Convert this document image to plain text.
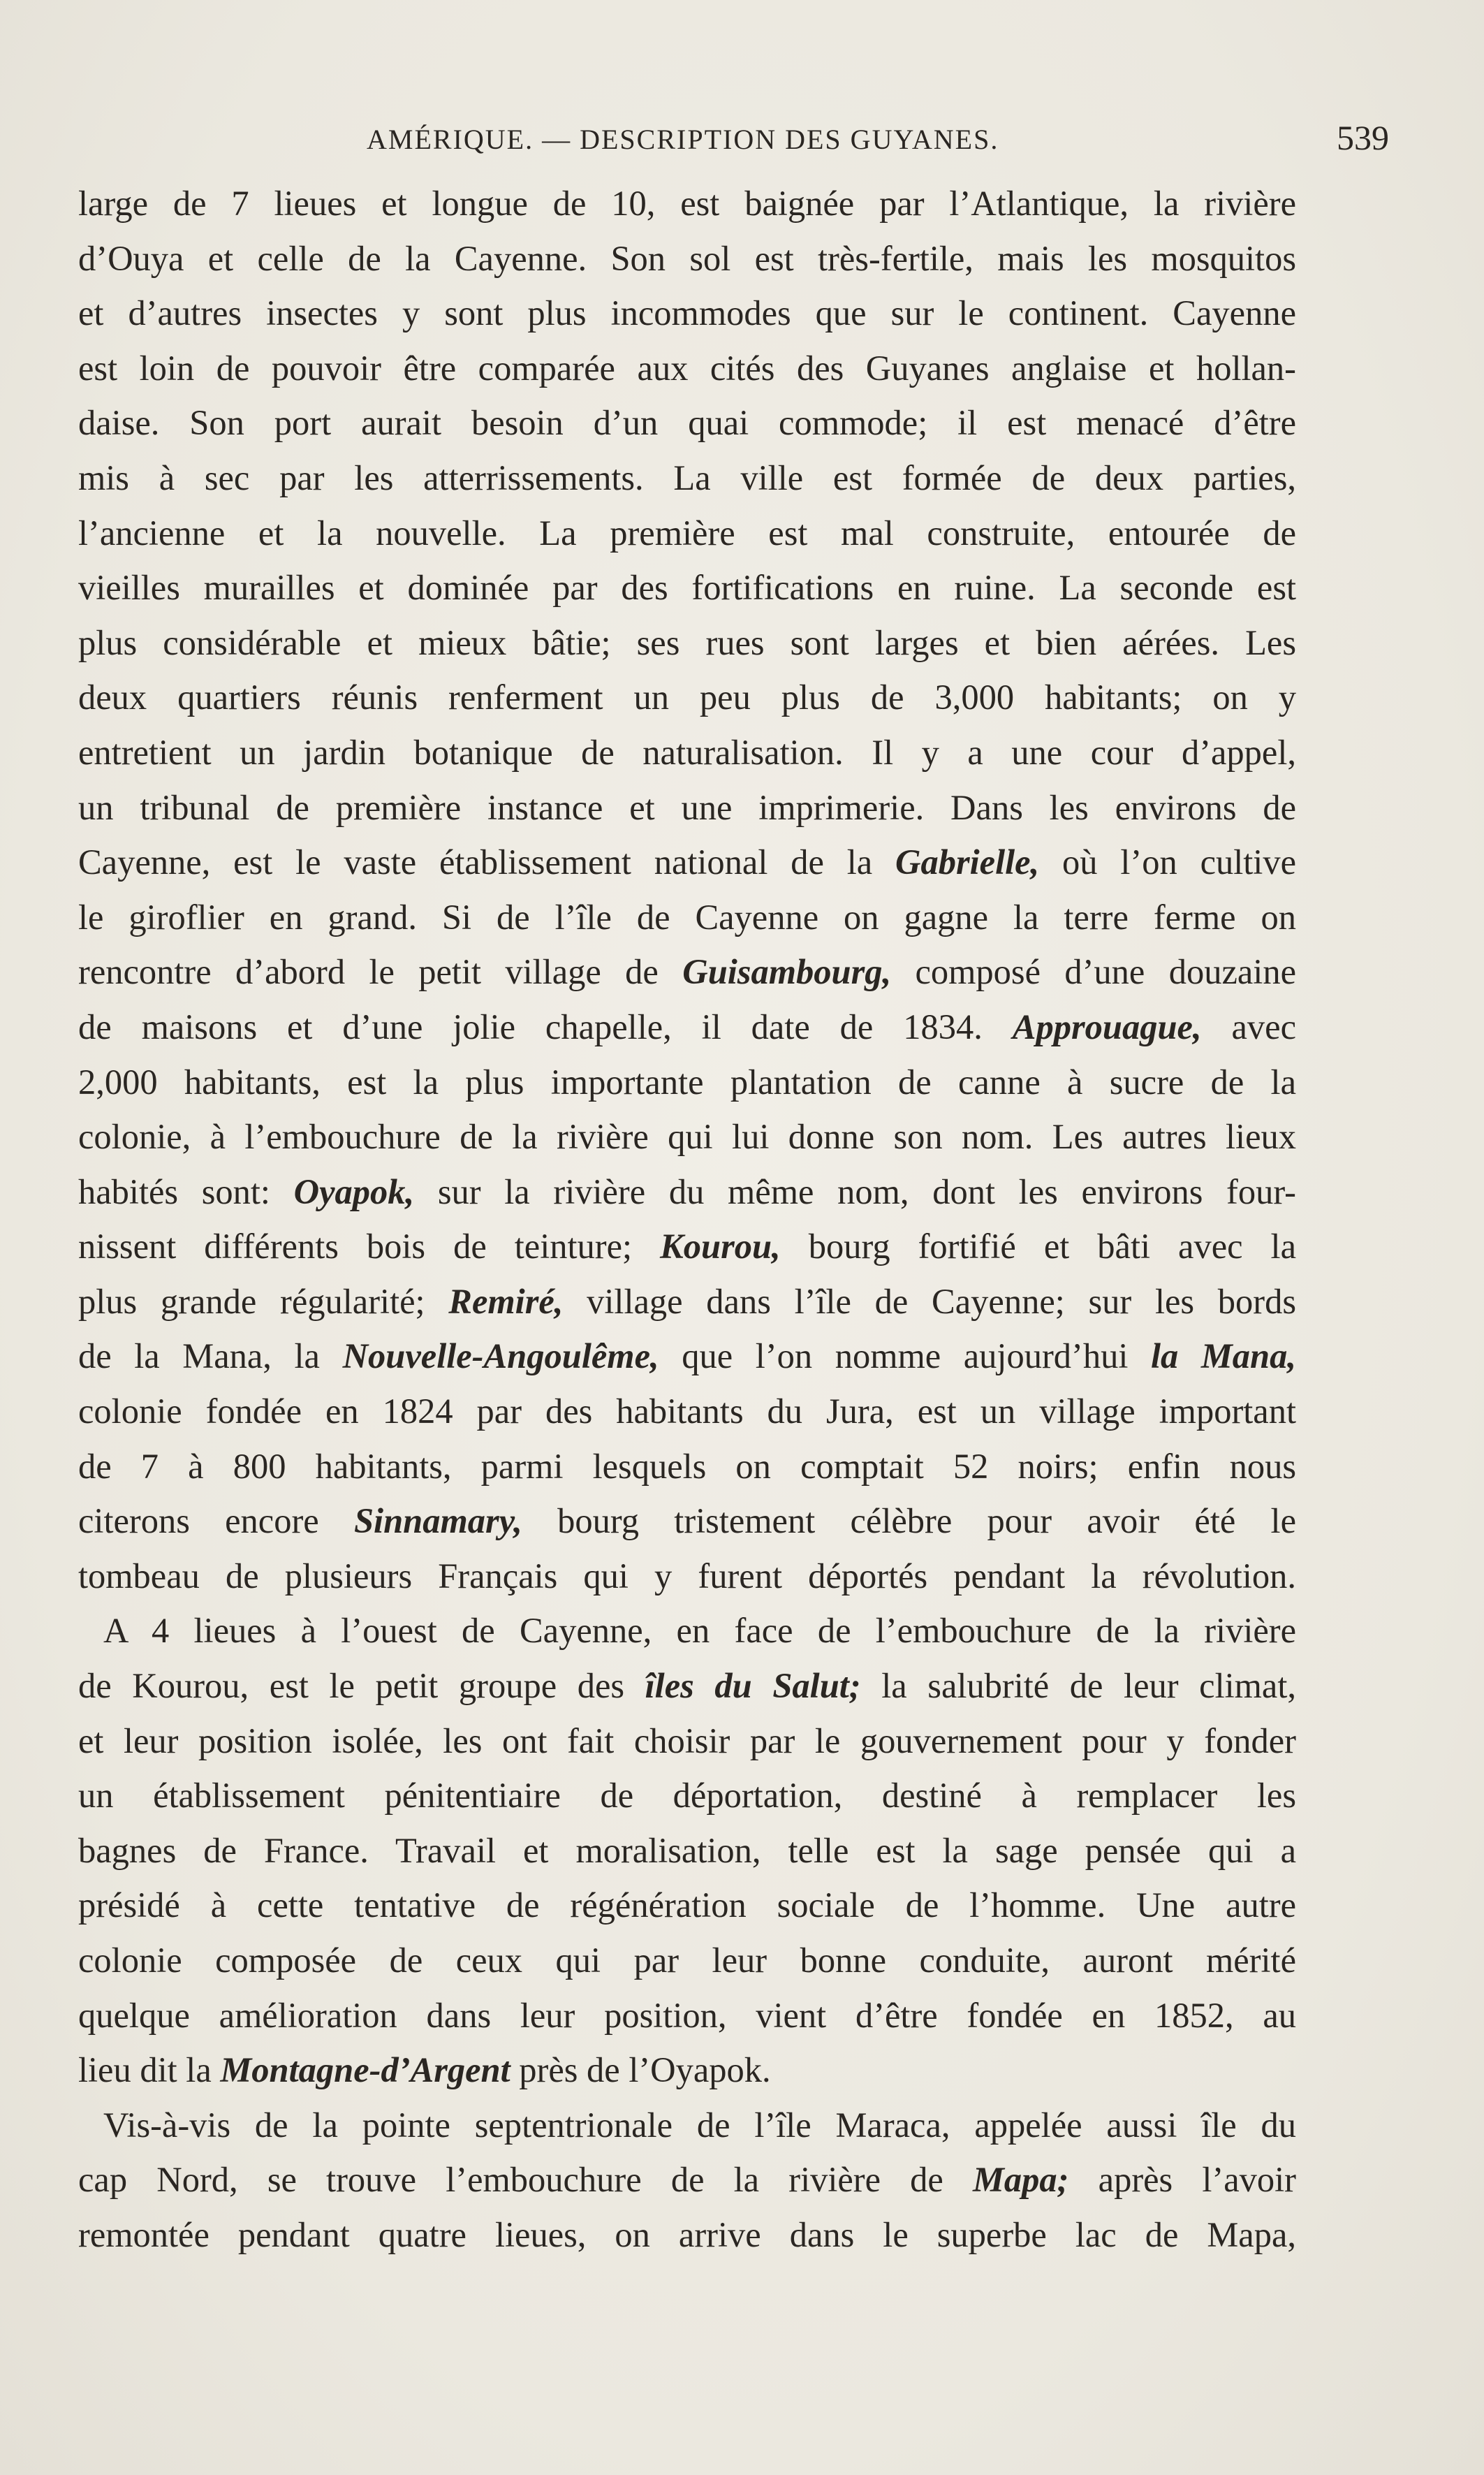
AMÉRIQUE. — DESCRIPTION DES GUYANES.	539
large de 7 lieues et longue de 10, est baignée par l’Atlantique, la rivière
d’Ouya et celle de la Cayenne. Son sol est très-fertile, mais les mosquitos
et d’autres insectes y sont plus incommodes que sur le continent. Cayenne
est loin de pouvoir être comparée aux cités des Guyanes anglaise et hollan-
daise. Son port aurait besoin d’un quai commode; il est menacé d’être
mis à sec par les atterrissements. La ville est formée de deux parties,
l’ancienne et la nouvelle. La première est mal construite, entourée de
vieilles murailles et dominée par des fortifications en ruine. La seconde est
plus considérable et mieux bâtie; ses rues sont larges et bien aérées. Les
deux quartiers réunis renferment un peu plus de 3,000 habitants; on y
entretient un jardin botanique de naturalisation. Il y a une cour d’appel,
un tribunal de première instance et une imprimerie. Dans les environs de
Cayenne, est le vaste établissement national de la Gabrielle, où l’on cultive
le giroflier en grand. Si de l’île de Cayenne on gagne la terre ferme on
rencontre d’abord le petit village de Guisambourg, composé d’une douzaine
de maisons et d’une jolie chapelle, il date de 1834. Approuague, avec
2,000 habitants, est la plus importante plantation de canne à sucre de la
colonie, à l’embouchure de la rivière qui lui donne son nom. Les autres lieux
habités sont: Oyapok, sur la rivière du même nom, dont les environs four-
nissent différents bois de teinture; Kourou, bourg fortifié et bâti avec la
plus grande régularité; Remiré, village dans l’île de Cayenne; sur les bords
de la Mana, la Nouvelle-Angoulême, que l’on nomme aujourd’hui la Mana,
colonie fondée en 1824 par des habitants du Jura, est un village important
de 7 à 800 habitants, parmi lesquels on comptait 52 noirs; enfin nous
citerons encore Sinnamary, bourg tristement célèbre pour avoir été le
tombeau de plusieurs Français qui y furent déportés pendant la révolution.
A 4 lieues à l’ouest de Cayenne, en face de l’embouchure de la rivière
de Kourou, est le petit groupe des îles du Salut; la salubrité de leur climat,
et leur position isolée, les ont fait choisir par le gouvernement pour y fonder
un établissement pénitentiaire de déportation, destiné à remplacer les
bagnes de France. Travail et moralisation, telle est la sage pensée qui a
présidé à cette tentative de régénération sociale de l’homme. Une autre
colonie composée de ceux qui par leur bonne conduite, auront mérité
quelque amélioration dans leur position, vient d’être fondée en 1852, au
lieu dit la Montagne-d’Argent près de l’Oyapok.
Vis-à-vis de la pointe septentrionale de l’île Maraca, appelée aussi île du
cap Nord, se trouve l’embouchure de la rivière de Mapa; après l’avoir
remontée pendant quatre lieues, on arrive dans le superbe lac de Mapa,
